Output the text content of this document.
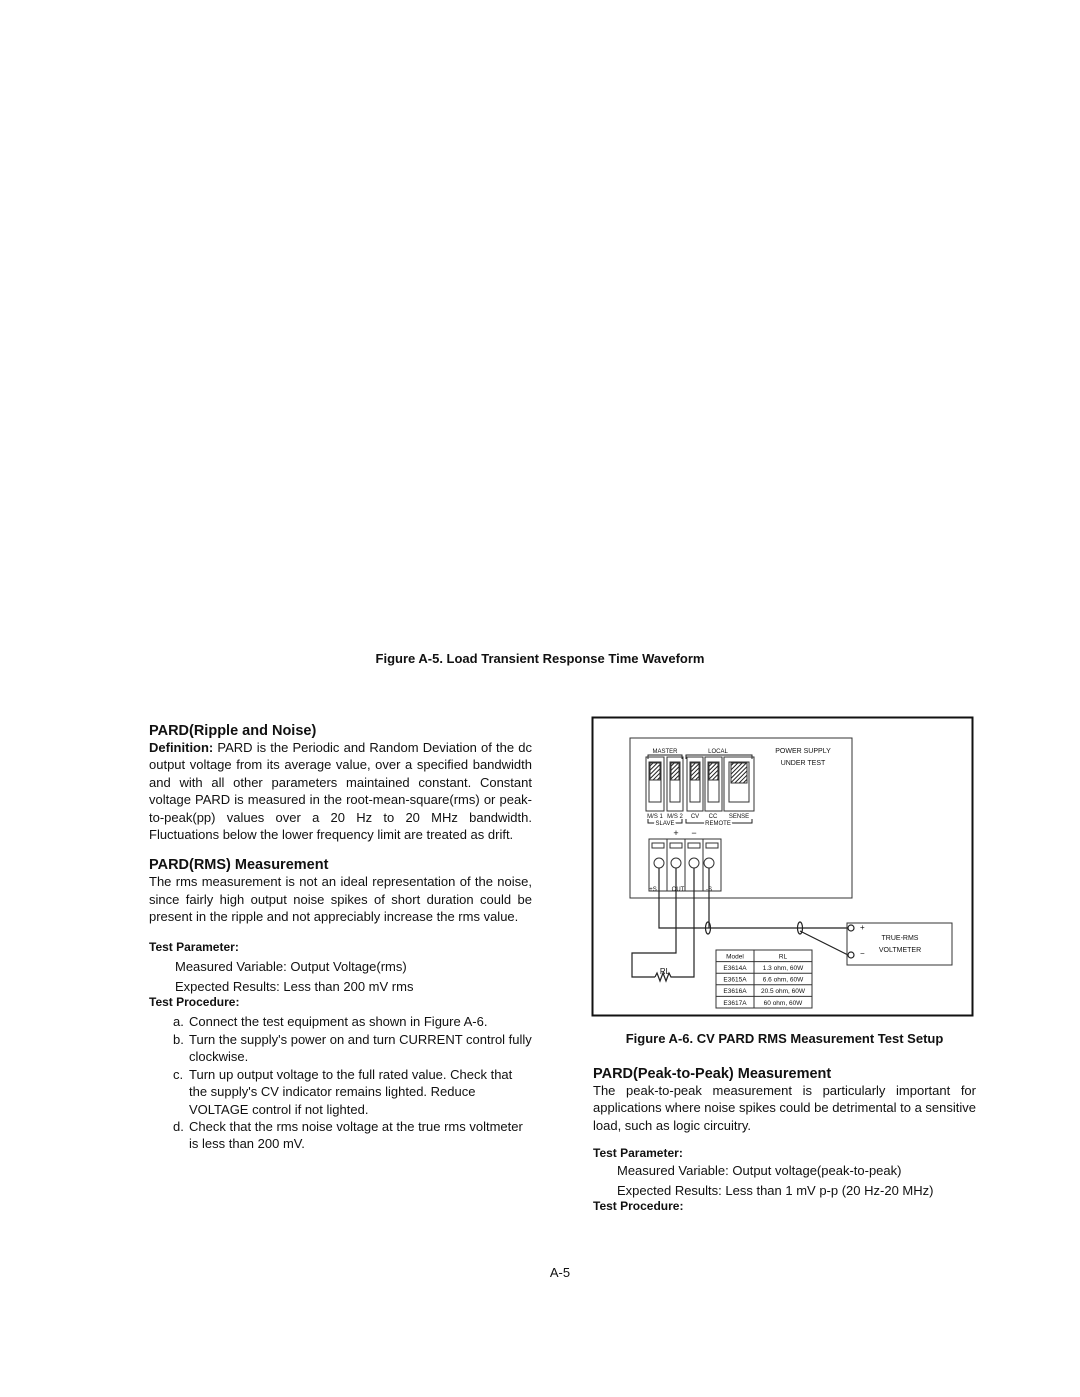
Figure A-5. Load Transient Response Time Waveform
PARD(Ripple and Noise)
Definition: PARD is the Periodic and Random Deviation of the dc output voltage from its average value, over a specified bandwidth and with all other parameters maintained constant. Constant voltage PARD is measured in the root-mean-square(rms) or peak-to-peak(pp) values over a 20 Hz to 20 MHz bandwidth. Fluctuations below the lower frequency limit are treated as drift.
PARD(RMS) Measurement
The rms measurement is not an ideal representation of the noise, since fairly high output noise spikes of short duration could be present in the ripple and not appreciably increase the rms value.
Test Parameter:
Measured Variable: Output Voltage(rms)
Expected Results: Less than 200 mV rms
Test Procedure:
a. Connect the test equipment as shown in Figure A-6.
b. Turn the supply's power on and turn CURRENT control fully clockwise.
c. Turn up output voltage to the full rated value. Check that the supply's CV indicator remains lighted. Reduce VOLTAGE control if not lighted.
d. Check that the rms noise voltage at the true rms voltmeter is less than 200 mV.
MASTER	LOCAL	POWER SUPPLY
UNDER TEST
M/S 1 M/S 2 CV CC SENSE
SLAVE	REMOTE
+ −
+S OUT	-S
RL
+
−
TRUE-RMS
VOLTMETER
Model	RL
E3614A 1.3 ohm, 60W
E3615A 6.6 ohm, 60W
E3616A 20.5 ohm, 60W
E3617A	60 ohm, 60W
Figure A-6. CV PARD RMS Measurement Test Setup
PARD(Peak-to-Peak) Measurement
The peak-to-peak measurement is particularly important for applications where noise spikes could be detrimental to a sensitive load, such as logic circuitry.
Test Parameter:
Measured Variable: Output voltage(peak-to-peak)
Expected Results: Less than 1 mV p-p (20 Hz-20 MHz)
Test Procedure:
A-5
